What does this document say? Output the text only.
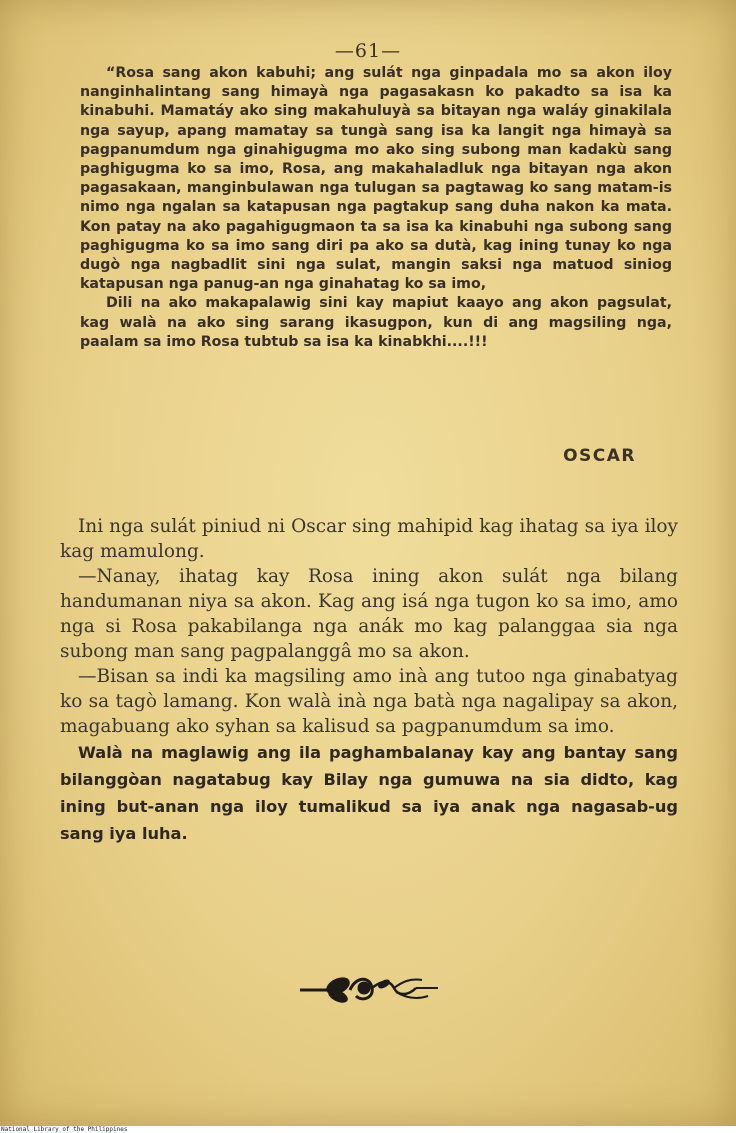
—61—

“Rosa sang akon kabuhi; ang sulát nga ginpadala mo sa akon iloy nanginhalintang sang himayà nga pagasakasn ko pakadto sa isa ka kinabuhi. Mamatáy ako sing makahuluyà sa bitayan nga waláy ginakilala nga sayup, apang mamatay sa tungà sang isa ka langit nga himayà sa pagpanumdum nga ginahigugma mo ako sing subong man kadakù sang paghigugma ko sa imo, Rosa, ang makahaladluk nga bitayan nga akon pagasakaan, manginbulawan nga tulugan sa pagtawag ko sang matam-is nimo nga ngalan sa katapusan nga pagtakup sang duha nakon ka mata. Kon patay na ako pagahigugmaon ta sa isa ka kinabuhi nga subong sang paghigugma ko sa imo sang diri pa ako sa dutà, kag ining tunay ko nga dugò nga nagbadlit sini nga sulat, mangin saksi nga matuod siniog katapusan nga panug-an nga ginahatag ko sa imo,

Dili na ako makapalawig sini kay mapiut kaayo ang akon pagsulat, kag walà na ako sing sarang ikasugpon, kun di ang magsiling nga, paalam sa imo Rosa tubtub sa isa ka kinabkhi....!!!

OSCAR

Ini nga sulát piniud ni Oscar sing mahipid kag ihatag sa iya iloy kag mamulong.

—Nanay, ihatag kay Rosa ining akon sulát nga bilang handumanan niya sa akon. Kag ang isá nga tugon ko sa imo, amo nga si Rosa pakabilanga nga anák mo kag palanggaa sia nga subong man sang pagpalanggâ mo sa akon.

—Bisan sa indi ka magsiling amo inà ang tutoo nga ginabatyag ko sa tagò lamang. Kon walà inà nga batà nga nagalipay sa akon, magabuang ako syhan sa kalisud sa pagpanumdum sa imo.

Walà na maglawig ang ila paghambalanay kay ang bantay sang bilanggòan nagatabug kay Bilay nga gumuwa na sia didto, kag ining but-anan nga iloy tumalikud sa iya anak nga nagasab-ug sang iya luha.

National Library of the Philippines
